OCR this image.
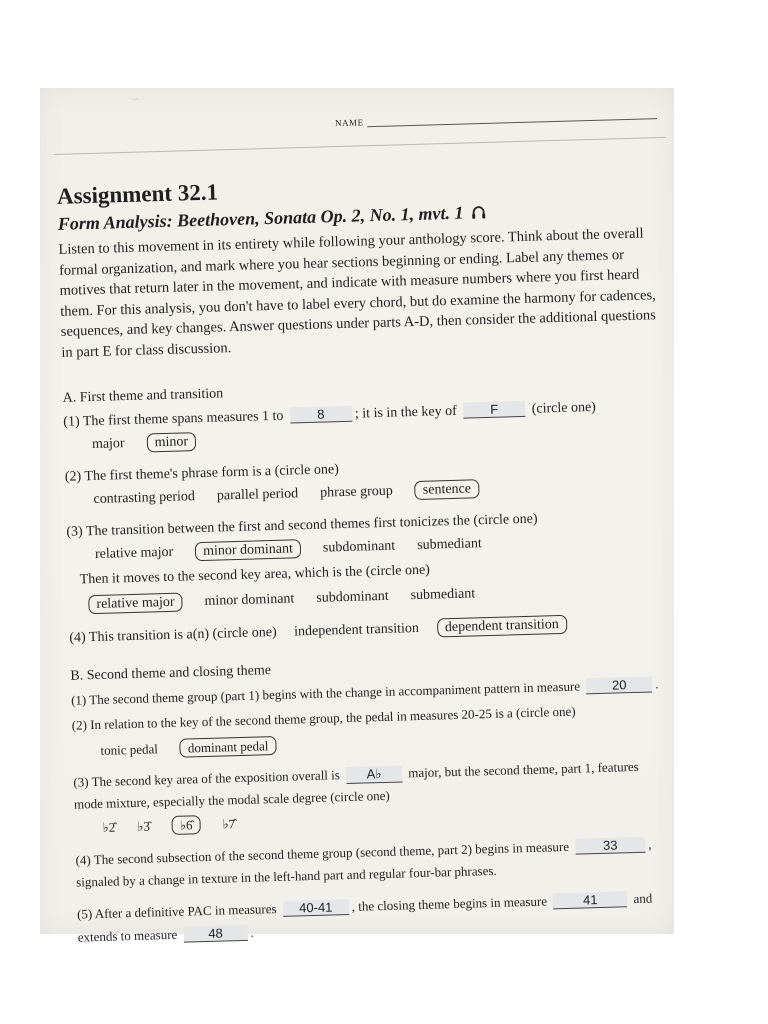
~
NAME
Assignment 32.1
Form Analysis: Beethoven, Sonata Op. 2, No. 1, mvt. 1
Listen to this movement in its entirety while following your anthology score. Think about the overall formal organization, and mark where you hear sections beginning or ending. Label any themes or motives that return later in the movement, and indicate with measure numbers where you first heard them. For this analysis, you don't have to label every chord, but do examine the harmony for cadences, sequences, and key changes. Answer questions under parts A-D, then consider the additional questions in part E for class discussion.
A. First theme and transition
(1) The first theme spans measures 1 to	8 ; it is in the key of	F (circle one)
major minor
(2) The first theme's phrase form is a (circle one)
contrasting period parallel period phrase group sentence
(3) The transition between the first and second themes first tonicizes the (circle one)
relative major minor dominant subdominant submediant
Then it moves to the second key area, which is the (circle one)
relative major minor dominant subdominant submediant
(4) This transition is a(n) (circle one) independent transition dependent transition
B. Second theme and closing theme
(1) The second theme group (part 1) begins with the change in accompaniment pattern in measure 20 .
(2) In relation to the key of the second theme group, the pedal in measures 20-25 is a (circle one)
tonic pedal dominant pedal
(3) The second key area of the exposition overall is A♭ major, but the second theme, part 1, features
mode mixture, especially the modal scale degree (circle one)
♭2̂ ♭3̂ ♭6̂ ♭7̂
(4) The second subsection of the second theme group (second theme, part 2) begins in measure	33 ,
signaled by a change in texture in the left-hand part and regular four-bar phrases.
(5) After a definitive PAC in measures 40-41 , the closing theme begins in measure	41	and
extends to measure 48 .
